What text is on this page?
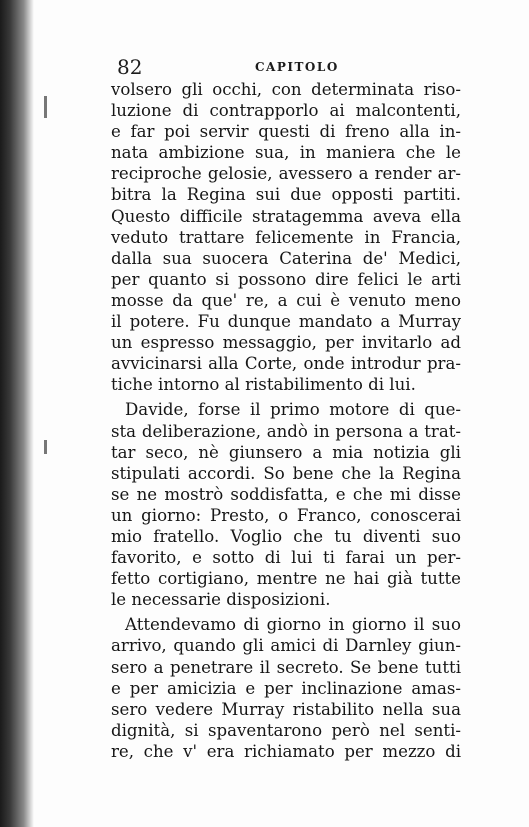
82	CAPITOLO
volsero gli occhi, con determinata riso-
luzione di contrapporlo ai malcontenti,
e far poi servir questi di freno alla in-
nata ambizione sua, in maniera che le
reciproche gelosie, avessero a render ar-
bitra la Regina sui due opposti partiti.
Questo difficile stratagemma aveva ella
veduto trattare felicemente in Francia,
dalla sua suocera Caterina de' Medici,
per quanto si possono dire felici le arti
mosse da que' re, a cui è venuto meno
il potere. Fu dunque mandato a Murray
un espresso messaggio, per invitarlo ad
avvicinarsi alla Corte, onde introdur pra-
tiche intorno al ristabilimento di lui.
Davide, forse il primo motore di que-
sta deliberazione, andò in persona a trat-
tar seco, nè giunsero a mia notizia gli
stipulati accordi. So bene che la Regina
se ne mostrò soddisfatta, e che mi disse
un giorno: Presto, o Franco, conoscerai
mio fratello. Voglio che tu diventi suo
favorito, e sotto di lui ti farai un per-
fetto cortigiano, mentre ne hai già tutte
le necessarie disposizioni.
Attendevamo di giorno in giorno il suo
arrivo, quando gli amici di Darnley giun-
sero a penetrare il secreto. Se bene tutti
e per amicizia e per inclinazione amas-
sero vedere Murray ristabilito nella sua
dignità, si spaventarono però nel senti-
re, che v' era richiamato per mezzo di
